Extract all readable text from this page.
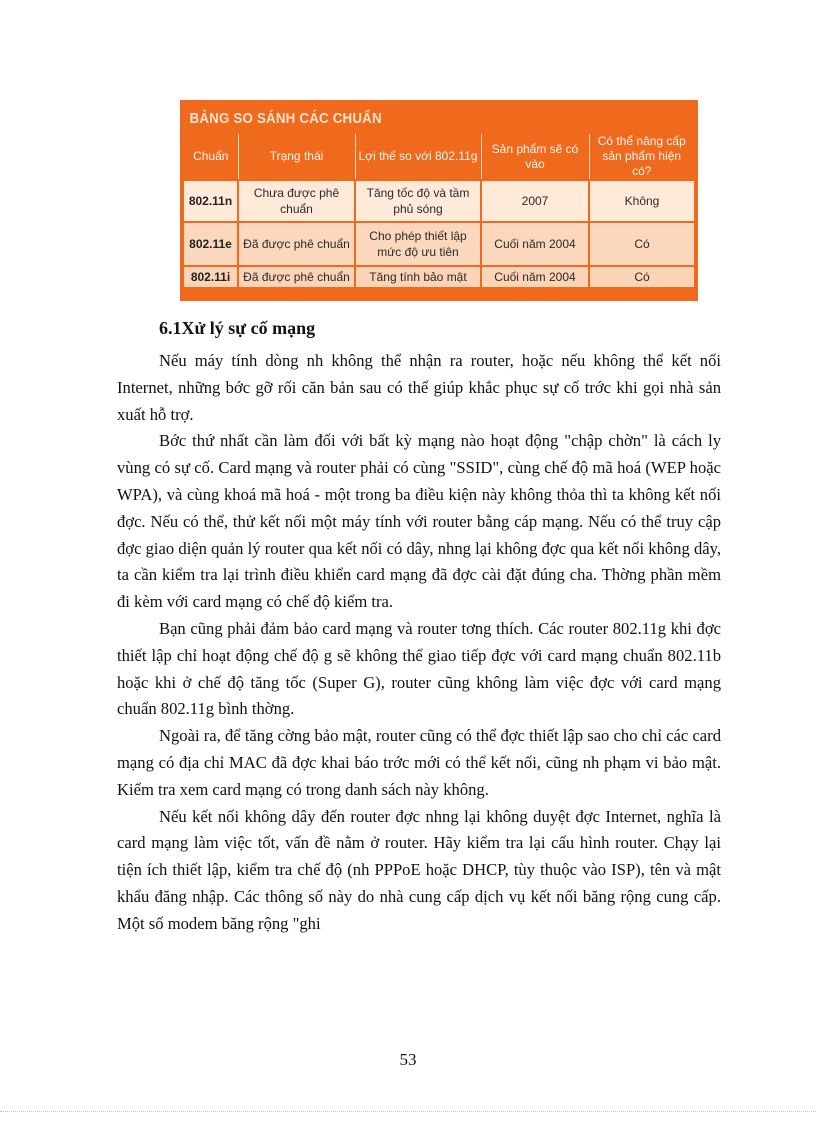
BẢNG SO SÁNH CÁC CHUẨN
Chuẩn	Trạng thái	Lợi thế so với 802.11g	Sản phẩm sẽ có vào	Có thể nâng cấp sản phẩm hiện có?
802.11n	Chưa được phê chuẩn	Tăng tốc độ và tầm phủ sóng	2007	Không
802.11e	Đã được phê chuẩn	Cho phép thiết lập mức độ ưu tiên	Cuối năm 2004	Có
802.11i	Đã được phê chuẩn	Tăng tính bảo mật	Cuối năm 2004	Có
6.1Xử lý sự cố mạng

Nếu máy tính dòng nh không thể nhận ra router, hoặc nếu không thể kết nối Internet, những bớc gỡ rối căn bản sau có thể giúp khắc phục sự cố trớc khi gọi nhà sản xuất hỗ trợ.

Bớc thứ nhất cần làm đối với bất kỳ mạng nào hoạt động "chập chờn" là cách ly vùng có sự cố. Card mạng và router phải có cùng "SSID", cùng chế độ mã hoá (WEP hoặc WPA), và cùng khoá mã hoá - một trong ba điều kiện này không thỏa thì ta không kết nối đợc. Nếu có thể, thử kết nối một máy tính với router bằng cáp mạng. Nếu có thể truy cập đợc giao diện quản lý router qua kết nối có dây, nhng lại không đợc qua kết nối không dây, ta cần kiểm tra lại trình điều khiển card mạng đã đợc cài đặt đúng cha. Thờng phần mềm đi kèm với card mạng có chế độ kiểm tra.

Bạn cũng phải đảm bảo card mạng và router tơng thích. Các router 802.11g khi đợc thiết lập chỉ hoạt động chế độ g sẽ không thể giao tiếp đợc với card mạng chuẩn 802.11b hoặc khi ở chế độ tăng tốc (Super G), router cũng không làm việc đợc với card mạng chuẩn 802.11g bình thờng.

Ngoài ra, để tăng cờng bảo mật, router cũng có thể đợc thiết lập sao cho chỉ các card mạng có địa chỉ MAC đã đợc khai báo trớc mới có thể kết nối, cũng nh phạm vi bảo mật. Kiểm tra xem card mạng có trong danh sách này không.

Nếu kết nối không dây đến router đợc nhng lại không duyệt đợc Internet, nghĩa là card mạng làm việc tốt, vấn đề nằm ở router. Hãy kiểm tra lại cấu hình router. Chạy lại tiện ích thiết lập, kiểm tra chế độ (nh PPPoE hoặc DHCP, tùy thuộc vào ISP), tên và mật khẩu đăng nhập. Các thông số này do nhà cung cấp dịch vụ kết nối băng rộng cung cấp. Một số modem băng rộng "ghi

53
